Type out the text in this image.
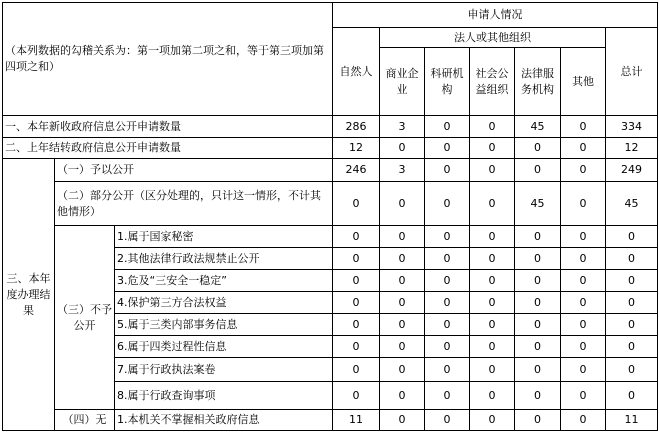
（本列数据的勾稽关系为：第一项加第二项之和，等于第三项加第四项之和）			申请人情况						
			自然人	法人或其他组织					总计
				商业企业	科研机构	社会公益组织	法律服务机构	其他	

一、本年新收政府信息公开申请数量			286	3	0	0	45	0	334
二、上年结转政府信息公开申请数量			12	0	0	0	0	0	12
三、本年度办理结果	（一）予以公开		246	3	0	0	0	0	249
	（二）部分公开（区分处理的，只计这一情形，不计其他情形）		0	0	0	0	45	0	45
	（三）不予公开	1.属于国家秘密	0	0	0	0	0	0	0
		2.其他法律行政法规禁止公开	0	0	0	0	0	0	0
		3.危及“三安全一稳定”	0	0	0	0	0	0	0
		4.保护第三方合法权益	0	0	0	0	0	0	0
		5.属于三类内部事务信息	0	0	0	0	0	0	0
		6.属于四类过程性信息	0	0	0	0	0	0	0
		7.属于行政执法案卷	0	0	0	0	0	0	0
		8.属于行政查询事项	0	0	0	0	0	0	0
	（四）无	1.本机关不掌握相关政府信息	11	0	0	0	0	0	11
